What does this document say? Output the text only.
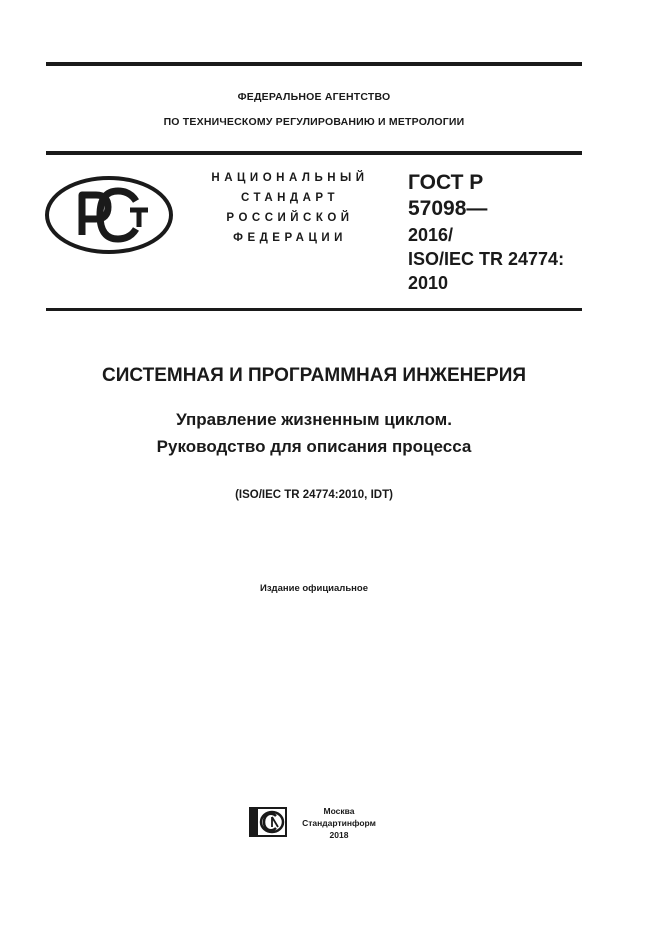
ФЕДЕРАЛЬНОЕ АГЕНТСТВО
ПО ТЕХНИЧЕСКОМУ РЕГУЛИРОВАНИЮ И МЕТРОЛОГИИ
НАЦИОНАЛЬНЫЙ
СТАНДАРТ
РОССИЙСКОЙ
ФЕДЕРАЦИИ
ГОСТ Р
57098—
2016/
ISO/IEC TR 24774:
2010
СИСТЕМНАЯ И ПРОГРАММНАЯ ИНЖЕНЕРИЯ
Управление жизненным циклом.
Руководство для описания процесса
(ISO/IEC TR 24774:2010, IDT)
Издание официальное
Москва
Стандартинформ
2018
